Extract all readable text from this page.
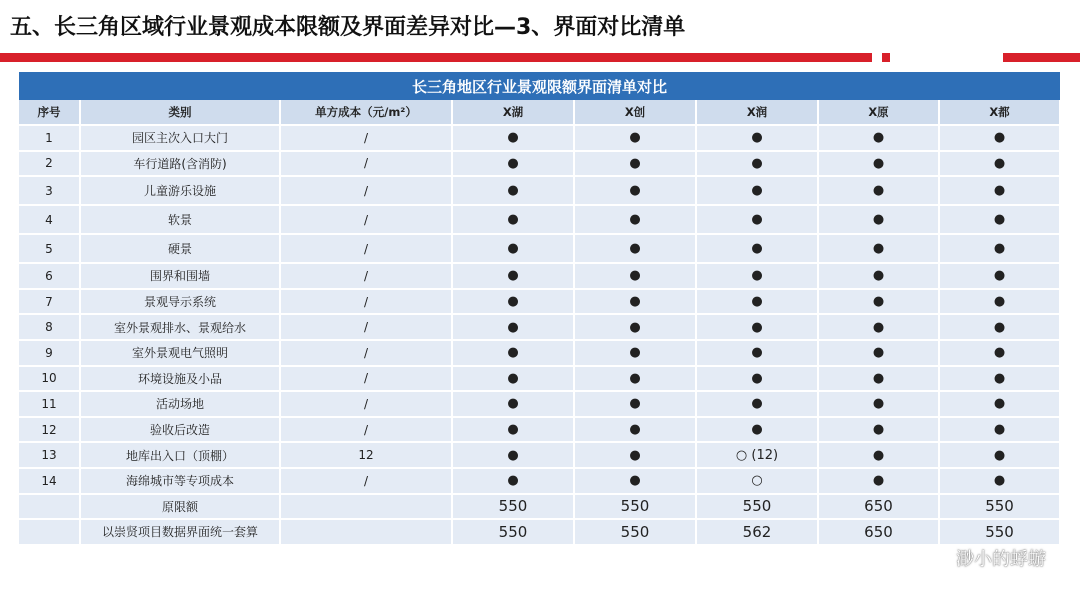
五、长三角区域行业景观成本限额及界面差异对比—3、界面对比清单
长三角地区行业景观限额界面清单对比							
序号	类别	单方成本（元/m²）	X湖	X创	X润	X原	X都
1	园区主次入口大门	/	●	●	●	●	●
2	车行道路(含消防)	/	●	●	●	●	●
3	儿童游乐设施	/	●	●	●	●	●
4	软景	/	●	●	●	●	●
5	硬景	/	●	●	●	●	●
6	围界和围墙	/	●	●	●	●	●
7	景观导示系统	/	●	●	●	●	●
8	室外景观排水、景观给水	/	●	●	●	●	●
9	室外景观电气照明	/	●	●	●	●	●
10	环境设施及小品	/	●	●	●	●	●
11	活动场地	/	●	●	●	●	●
12	验收后改造	/	●	●	●	●	●
13	地库出入口（顶棚）	12	●	●	○ (12)	●	●
14	海绵城市等专项成本	/	●	●	○	●	●
	原限额		550	550	550	650	550
	以崇贤项目数据界面统一套算		550	550	562	650	550
渺小的蜉蝣
